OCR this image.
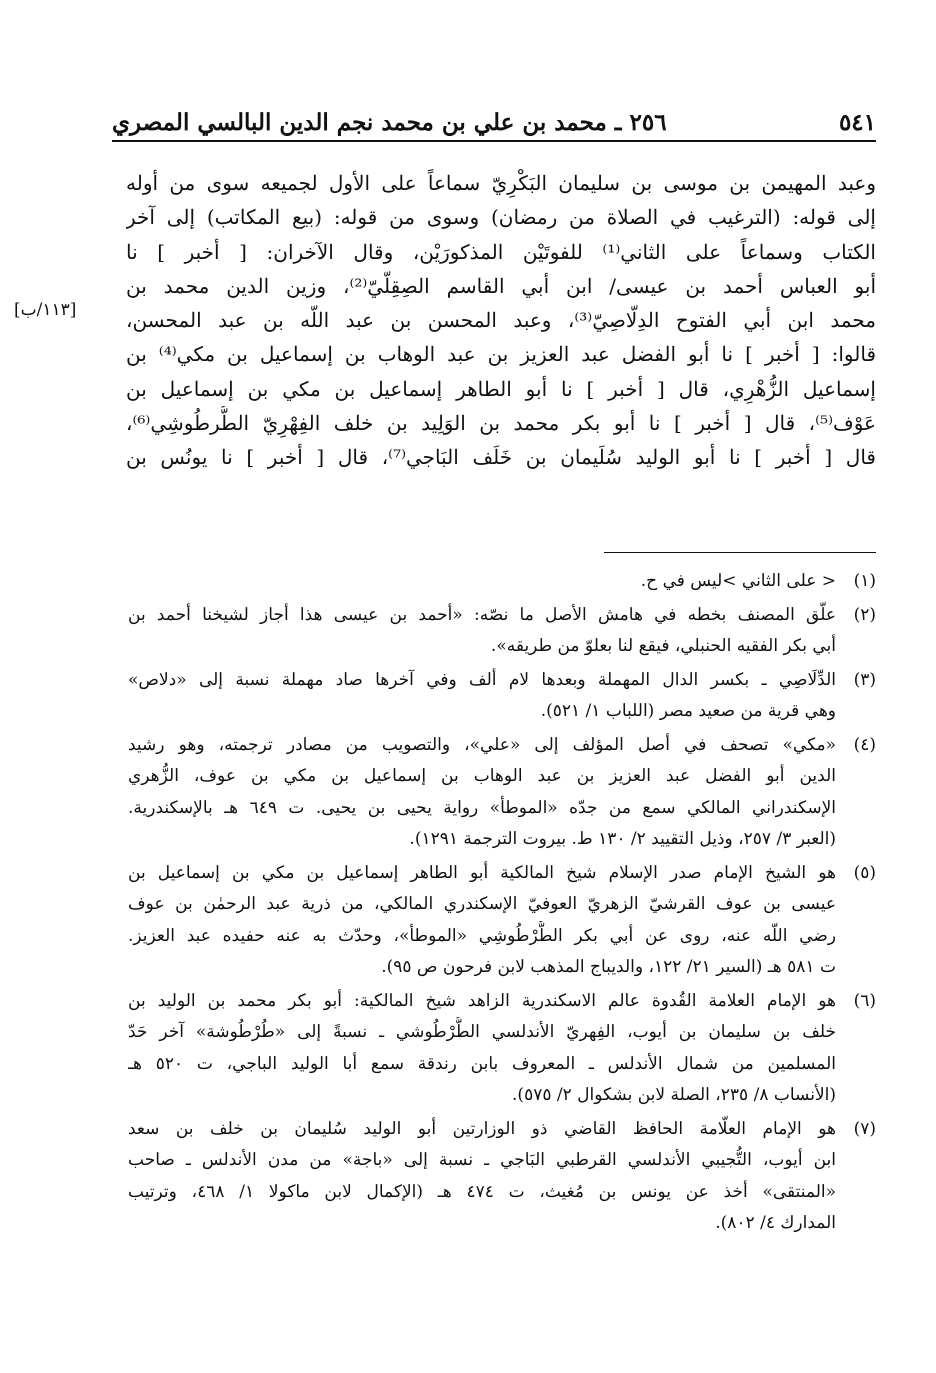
٢٥٦ ـ محمد بن علي بن محمد نجم الدين البالسي المصري	٥٤١
[١١٣/ب]
وعبد المهيمن بن موسى بن سليمان البَكْرِيّ سماعاً على الأول لجميعه سوى من أوله
إلى قوله: (الترغيب في الصلاة من رمضان) وسوى من قوله: (بيع المكاتب) إلى آخر
الكتاب وسماعاً على الثاني⁽¹⁾ للفوتَيْن المذكورَيْن، وقال الآخران: [ أخبر ] نا
أبو العباس أحمد بن عيسى/ ابن أبي القاسم الصِقِلّيّ⁽²⁾، وزين الدين محمد بن
محمد ابن أبي الفتوح الدِلّاصِيّ⁽³⁾، وعبد المحسن بن عبد اللّه بن عبد المحسن،
قالوا: [ أخبر ] نا أبو الفضل عبد العزيز بن عبد الوهاب بن إسماعيل بن مكي⁽⁴⁾ بن
إسماعيل الزُّهْرِي، قال [ أخبر ] نا أبو الطاهر إسماعيل بن مكي بن إسماعيل بن
عَوْف⁽⁵⁾، قال [ أخبر ] نا أبو بكر محمد بن الوَلِيد بن خلف الفِهْرِيّ الطُّرطُوشِي⁽⁶⁾،
قال [ أخبر ] نا أبو الوليد سُلَيمان بن خَلَف البَاجي⁽⁷⁾، قال [ أخبر ] نا يونُس بن
(١)
< على الثاني >ليس في ح.
(٢)
علّق المصنف بخطه في هامش الأصل ما نصّه: «أحمد بن عيسى هذا أجاز لشيخنا أحمد بن
أبي بكر الفقيه الحنبلي، فيقع لنا بعلوّ من طريقه».
(٣)
الدِّلَاصِي ـ بكسر الدال المهملة وبعدها لام ألف وفي آخرها صاد مهملة نسبة إلى «دلاص»
وهي قرية من صعيد مصر (اللباب ١/ ٥٢١).
(٤)
«مكي» تصحف في أصل المؤلف إلى «علي»، والتصويب من مصادر ترجمته، وهو رشيد
الدين أبو الفضل عبد العزيز بن عبد الوهاب بن إسماعيل بن مكي بن عوف، الزُّهري
الإسكندراني المالكي سمع من جدّه «الموطأ» رواية يحيى بن يحيى. ت ٦٤٩ هـ بالإسكندرية.
(العبر ٣/ ٢٥٧، وذيل التقييد ٢/ ١٣٠ ط. بيروت الترجمة ١٢٩١).
(٥)
هو الشيخ الإمام صدر الإسلام شيخ المالكية أبو الطاهر إسماعيل بن مكي بن إسماعيل بن
عيسى بن عوف القرشيّ الزهريّ العوفيّ الإسكندري المالكي، من ذرية عبد الرحمٰن بن عوف
رضي اللّه عنه، روى عن أبي بكر الطُّرْطُوشِي «الموطأ»، وحدّث به عنه حفيده عبد العزيز.
ت ٥٨١ هـ (السير ٢١/ ١٢٢، والديباج المذهب لابن فرحون ص ٩٥).
(٦)
هو الإمام العلامة القُدوة عالم الاسكندرية الزاهد شيخ المالكية: أبو بكر محمد بن الوليد بن
خلف بن سليمان بن أيوب، الفِهريّ الأندلسي الطُّرْطُوشي ـ نسبةً إلى «طُرْطُوشة» آخر حَدّ
المسلمين من شمال الأندلس ـ المعروف بابن رندقة سمع أبا الوليد الباجي، ت ٥٢٠ هـ
(الأنساب ٨/ ٢٣٥، الصلة لابن بشكوال ٢/ ٥٧٥).
(٧)
هو الإمام العلّامة الحافظ القاضي ذو الوزارتين أبو الوليد سُليمان بن خلف بن سعد
ابن أيوب، التُّجيبي الأندلسي القرطبي البَاجي ـ نسبة إلى «باجة» من مدن الأندلس ـ صاحب
«المنتقى» أخذ عن يونس بن مُغيث، ت ٤٧٤ هـ (الإكمال لابن ماكولا ١/ ٤٦٨، وترتيب
المدارك ٤/ ٨٠٢).
